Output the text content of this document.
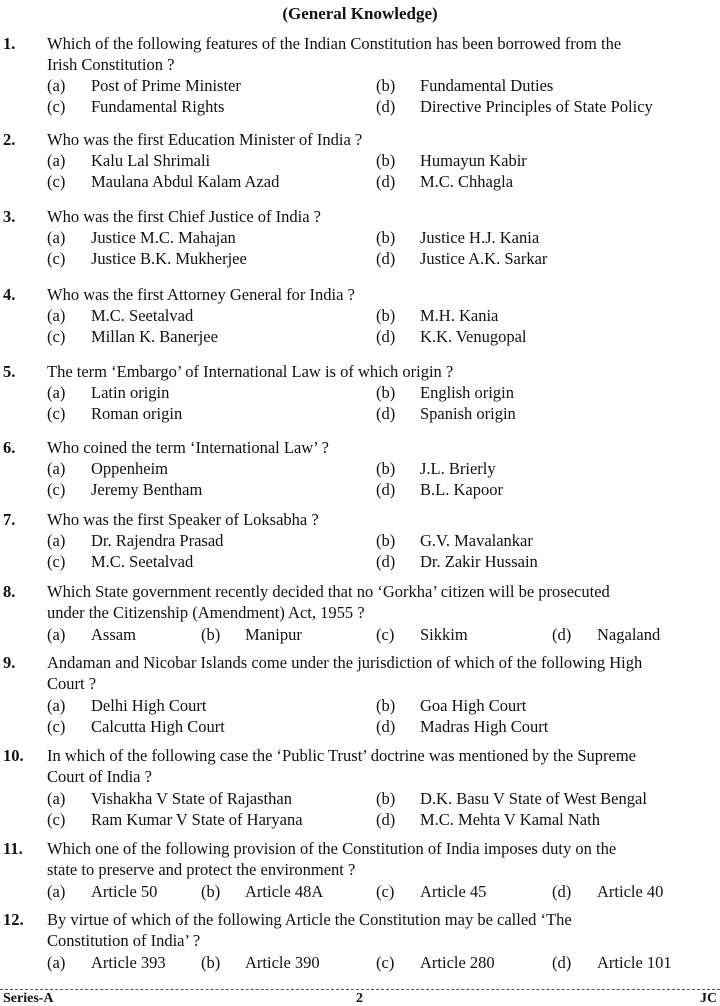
(General Knowledge)
1. Which of the following features of the Indian Constitution has been borrowed from the
Irish Constitution ?
(a) Post of Prime Minister	(b) Fundamental Duties
(c) Fundamental Rights	(d) Directive Principles of State Policy
2. Who was the first Education Minister of India ?
(a) Kalu Lal Shrimali	(b) Humayun Kabir
(c) Maulana Abdul Kalam Azad	(d) M.C. Chhagla
3. Who was the first Chief Justice of India ?
(a) Justice M.C. Mahajan	(b) Justice H.J. Kania
(c) Justice B.K. Mukherjee	(d) Justice A.K. Sarkar
4. Who was the first Attorney General for India ?
(a) M.C. Seetalvad	(b) M.H. Kania
(c) Millan K. Banerjee	(d) K.K. Venugopal
5. The term ‘Embargo’ of International Law is of which origin ?
(a) Latin origin	(b) English origin
(c) Roman origin	(d) Spanish origin
6. Who coined the term ‘International Law’ ?
(a) Oppenheim	(b) J.L. Brierly
(c) Jeremy Bentham	(d) B.L. Kapoor
7. Who was the first Speaker of Loksabha ?
(a) Dr. Rajendra Prasad	(b) G.V. Mavalankar
(c) M.C. Seetalvad	(d) Dr. Zakir Hussain
8. Which State government recently decided that no ‘Gorkha’ citizen will be prosecuted
under the Citizenship (Amendment) Act, 1955 ?
(a) Assam	(b) Manipur	(c) Sikkim	(d) Nagaland
9. Andaman and Nicobar Islands come under the jurisdiction of which of the following High
Court ?
(a) Delhi High Court	(b) Goa High Court
(c) Calcutta High Court	(d) Madras High Court
10. In which of the following case the ‘Public Trust’ doctrine was mentioned by the Supreme
Court of India ?
(a) Vishakha V State of Rajasthan	(b) D.K. Basu V State of West Bengal
(c) Ram Kumar V State of Haryana	(d) M.C. Mehta V Kamal Nath
11. Which one of the following provision of the Constitution of India imposes duty on the
state to preserve and protect the environment ?
(a) Article 50	(b) Article 48A	(c) Article 45	(d) Article 40
12. By virtue of which of the following Article the Constitution may be called ‘The
Constitution of India’ ?
(a) Article 393 (b) Article 390	(c) Article 280	(d) Article 101
Series-A	2	JC
